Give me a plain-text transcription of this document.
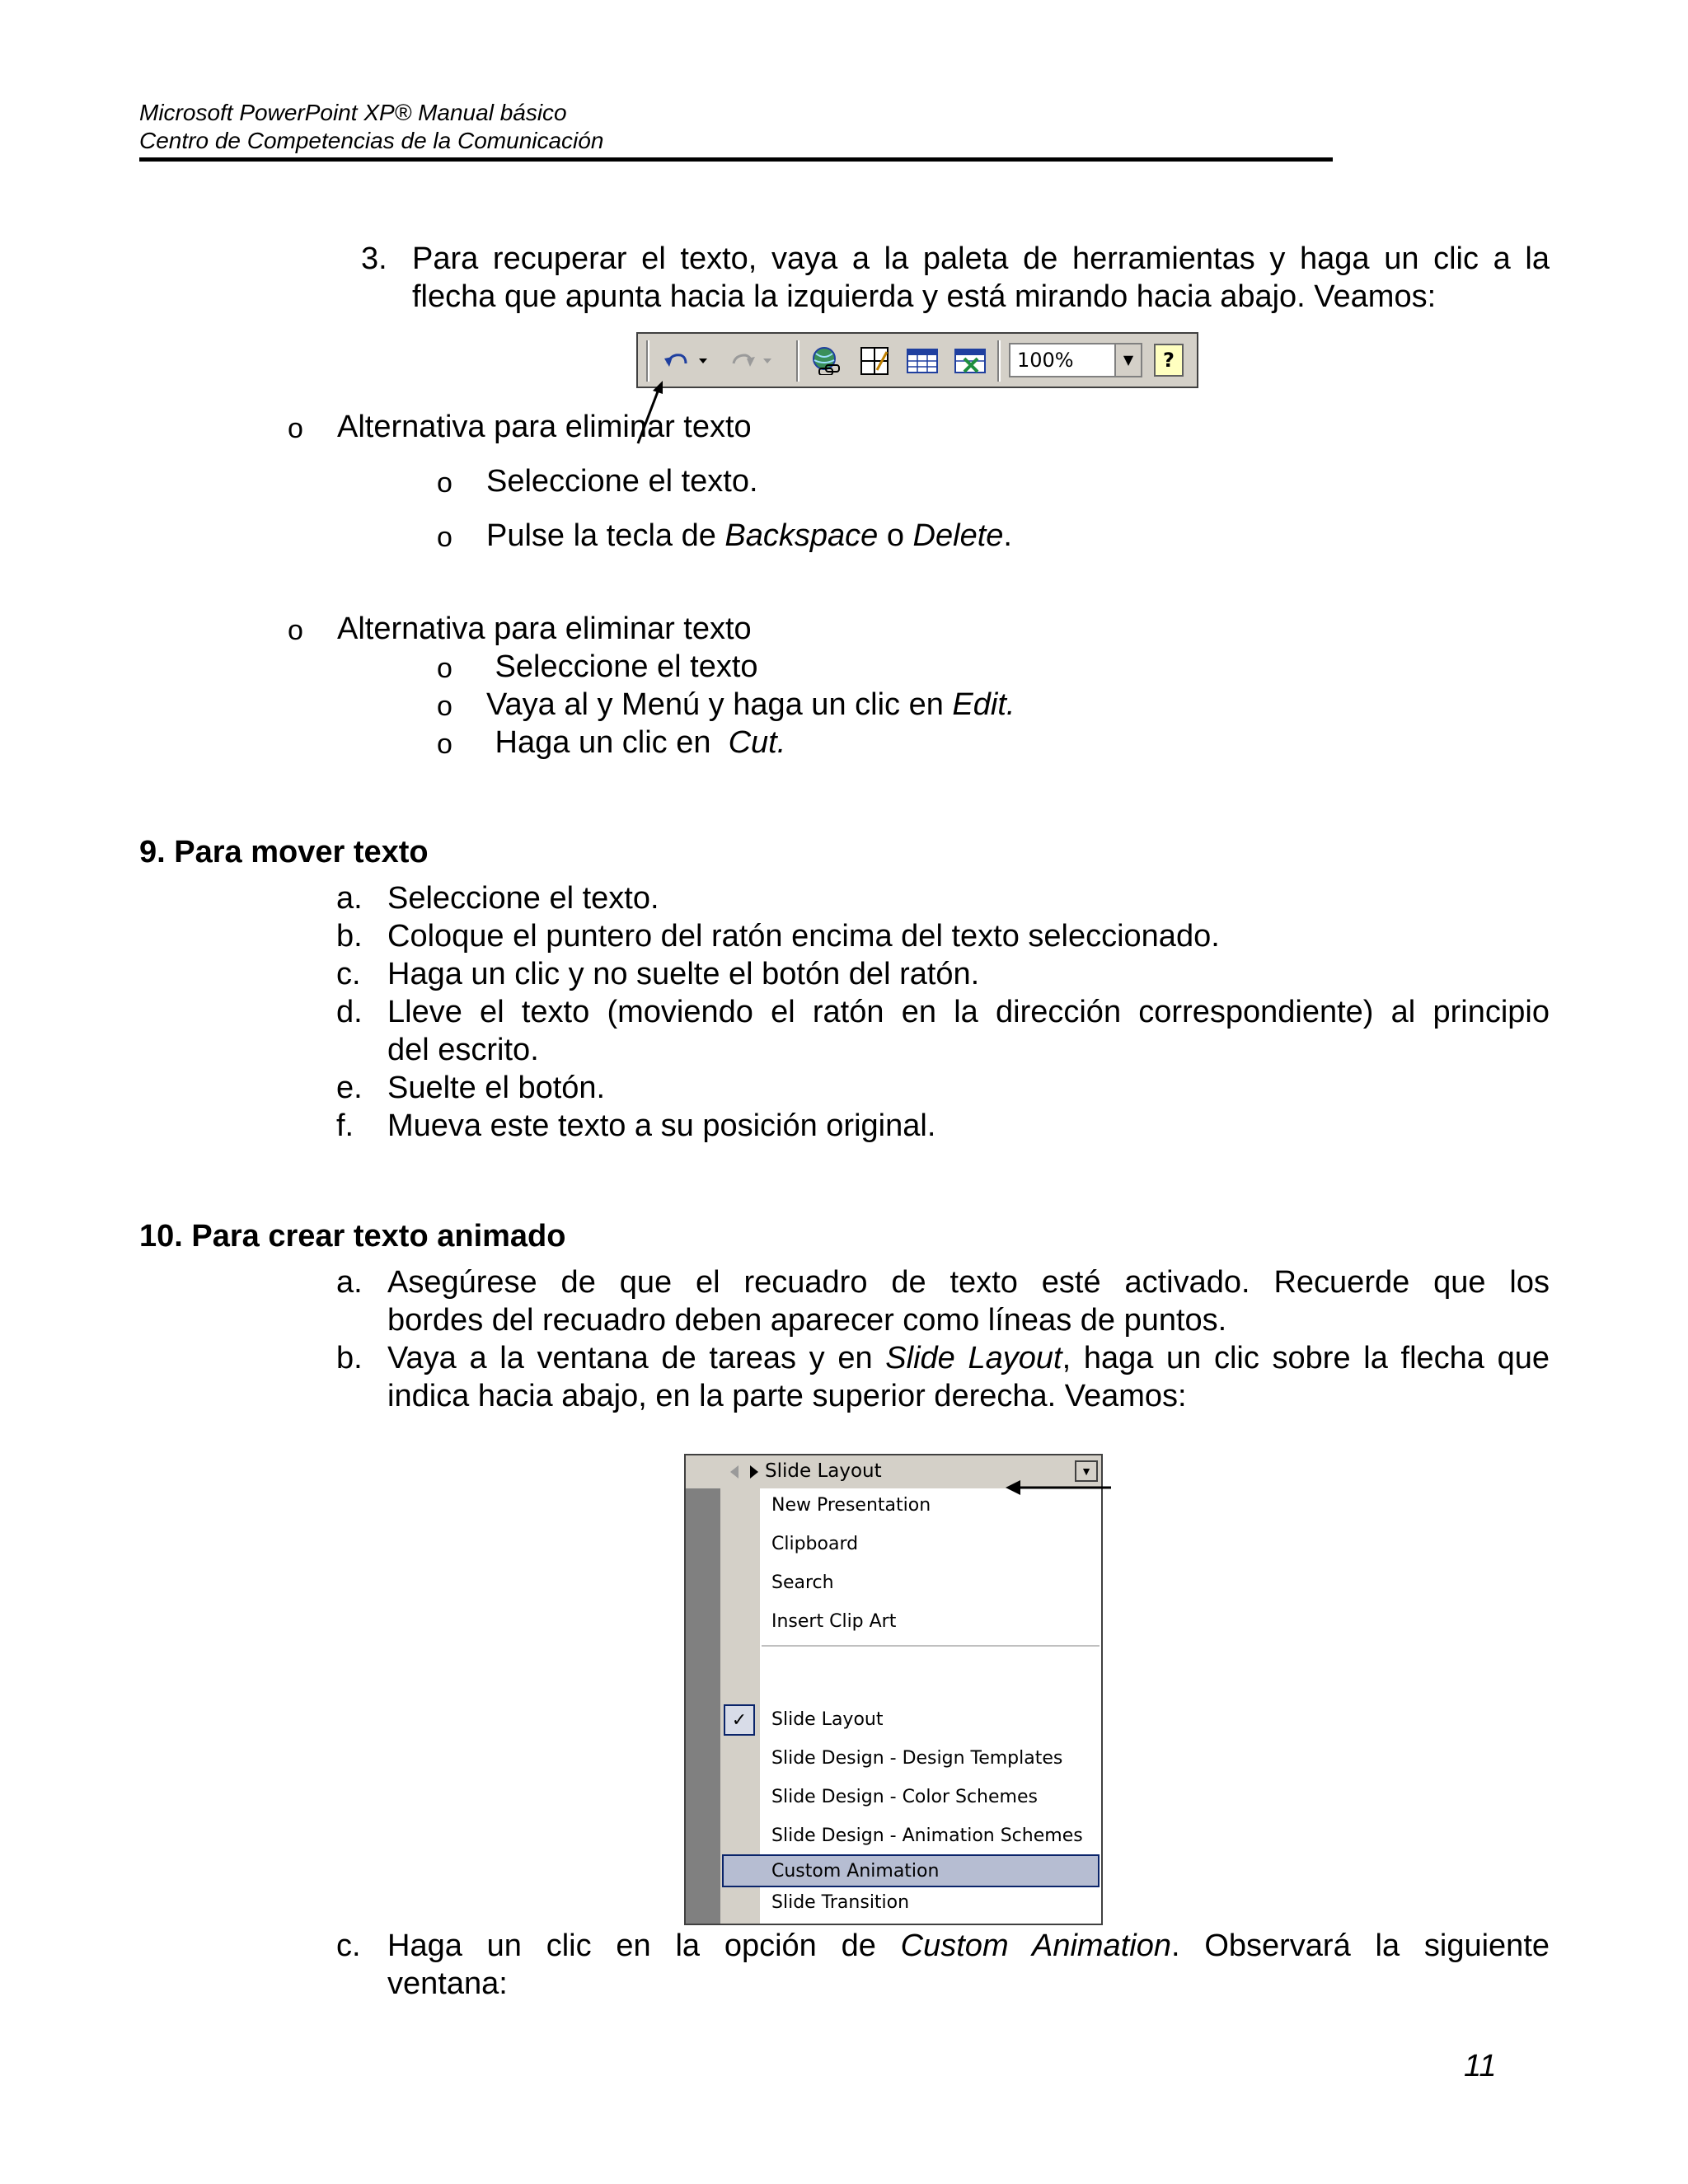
Microsoft PowerPoint XP® Manual básico
Centro de Competencias de la Comunicación
3. Para recuperar el texto, vaya a la paleta de herramientas y haga un clic a la
flecha que apunta hacia la izquierda y está mirando hacia abajo. Veamos:
100%	▼	?
o Alternativa para eliminar texto
o Seleccione el texto.
o Pulse la tecla de Backspace o Delete.
o Alternativa para eliminar texto
o Seleccione el texto
o Vaya al y Menú y haga un clic en Edit.
o Haga un clic en  Cut.
9. Para mover texto
a. Seleccione el texto.
b. Coloque el puntero del ratón encima del texto seleccionado.
c. Haga un clic y no suelte el botón del ratón.
d. Lleve el texto (moviendo el ratón en la dirección correspondiente) al principio
del escrito.
e. Suelte el botón.
f. Mueva este texto a su posición original.
10. Para crear texto animado
a. Asegúrese de que el recuadro de texto esté activado. Recuerde que los
bordes del recuadro deben aparecer como líneas de puntos.
b. Vaya a la ventana de tareas y en Slide Layout, haga un clic sobre la flecha que
indica hacia abajo, en la parte superior derecha. Veamos:
Slide Layout	▼
New Presentation
Clipboard
Search
Insert Clip Art
✓	Slide Layout
Slide Design - Design Templates
Slide Design - Color Schemes
Slide Design - Animation Schemes
Custom Animation
Slide Transition
c. Haga un clic en la opción de Custom Animation. Observará la siguiente
ventana:
11
